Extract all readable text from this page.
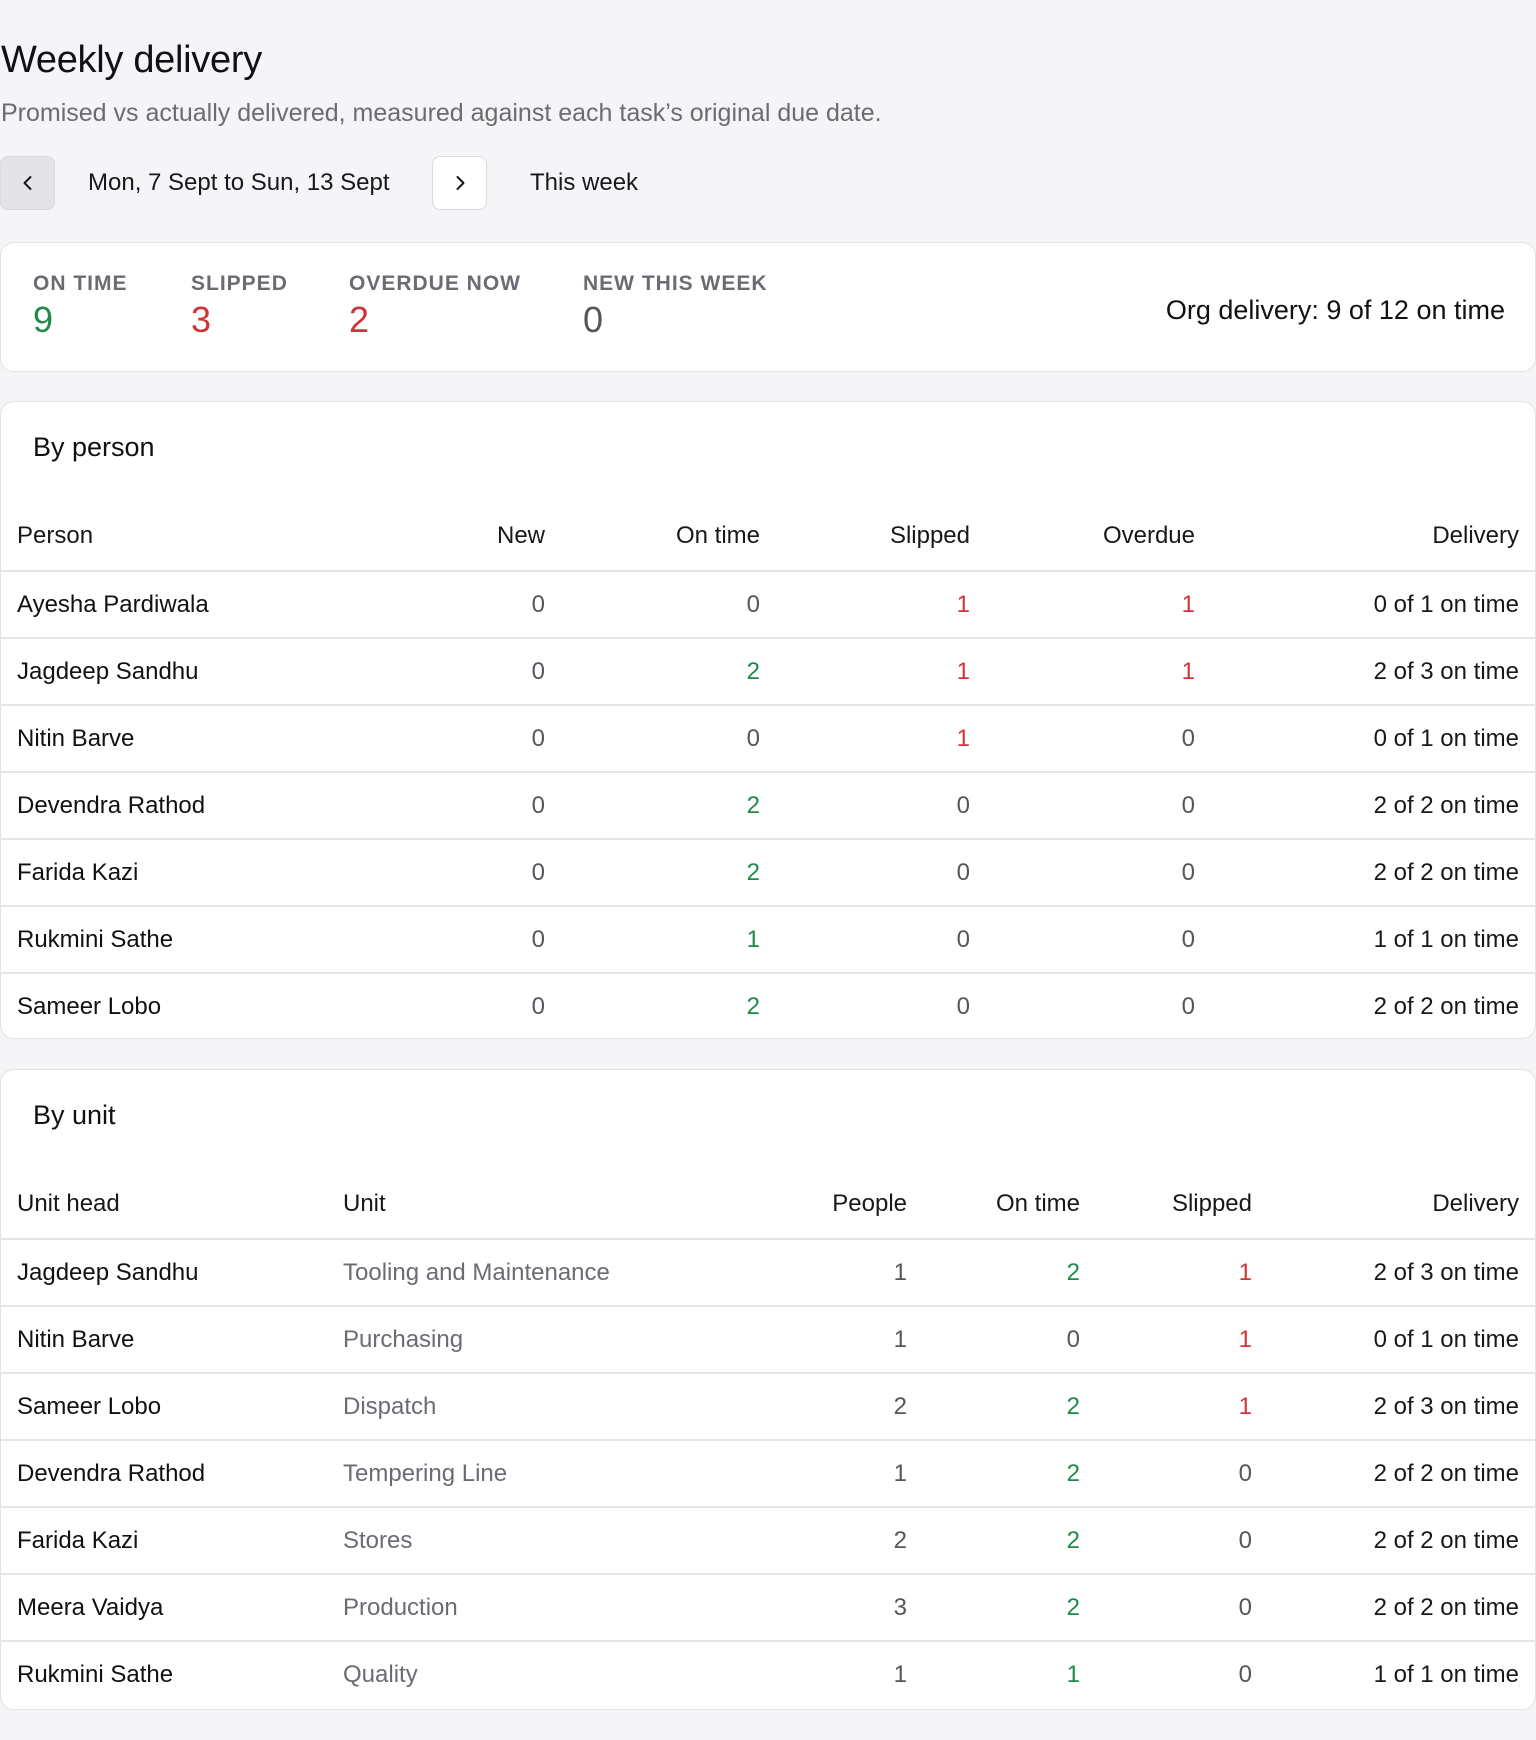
Weekly delivery

Promised vs actually delivered, measured against each task’s original due date.

Mon, 7 Sept to Sun, 13 Sept	This week
ON TIME
9
SLIPPED
3
OVERDUE NOW
2
NEW THIS WEEK
0	Org delivery: 9 of 12 on time
By person
Person	New	On time	Slipped	Overdue	Delivery
Ayesha Pardiwala	0	0	1	1	0 of 1 on time
Jagdeep Sandhu	0	2	1	1	2 of 3 on time
Nitin Barve	0	0	1	0	0 of 1 on time
Devendra Rathod	0	2	0	0	2 of 2 on time
Farida Kazi	0	2	0	0	2 of 2 on time
Rukmini Sathe	0	1	0	0	1 of 1 on time
Sameer Lobo	0	2	0	0	2 of 2 on time
By unit
Unit head	Unit	People	On time	Slipped	Delivery
Jagdeep Sandhu	Tooling and Maintenance	1	2	1	2 of 3 on time
Nitin Barve	Purchasing	1	0	1	0 of 1 on time
Sameer Lobo	Dispatch	2	2	1	2 of 3 on time
Devendra Rathod	Tempering Line	1	2	0	2 of 2 on time
Farida Kazi	Stores	2	2	0	2 of 2 on time
Meera Vaidya	Production	3	2	0	2 of 2 on time
Rukmini Sathe	Quality	1	1	0	1 of 1 on time
